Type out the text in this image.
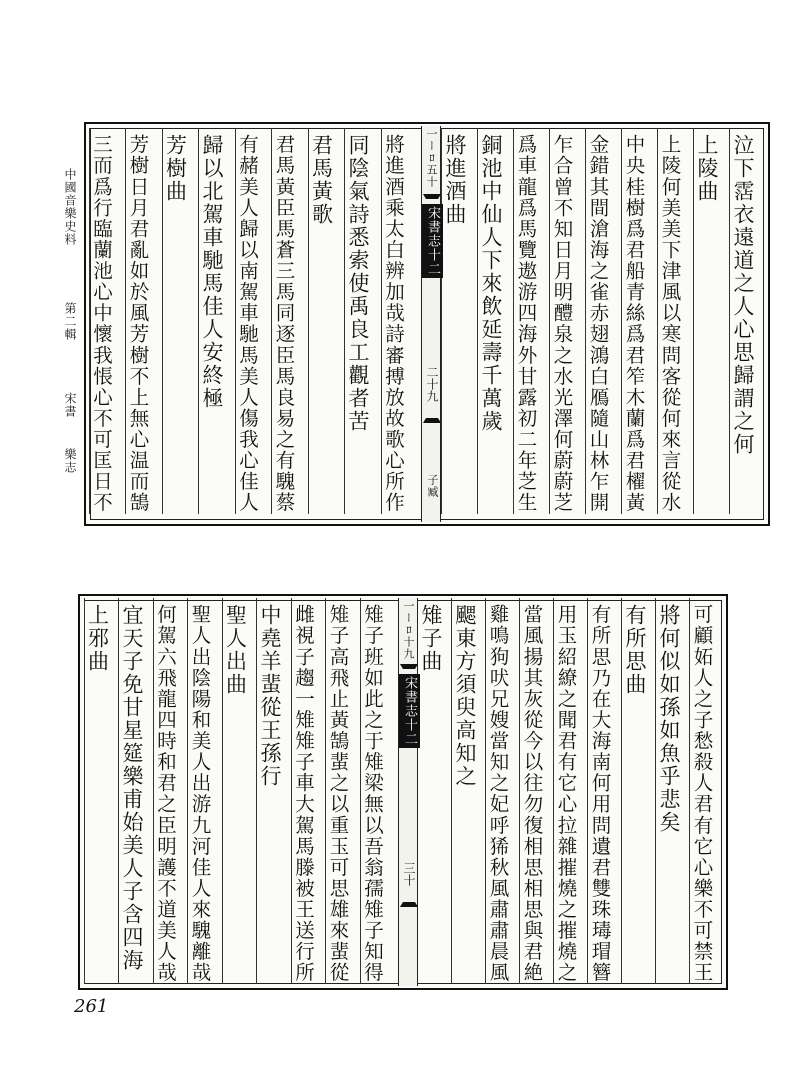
中國音樂史料
第二輯
宋書
樂志
泣下霑衣遠道之人心思歸謂之何
上陵曲
上陵何美美下津風以寒問客從何來言從水
中央桂樹爲君船青絲爲君笮木蘭爲君櫂黃
金錯其間滄海之雀赤翅鴻白鴈隨山林乍開
乍合曾不知日月明醴泉之水光澤何蔚蔚芝
爲車龍爲馬覽遨游四海外甘露初二年芝生
銅池中仙人下來飲延壽千萬歲
將進酒曲
將進酒乘太白辨加哉詩審搏放故歌心所作
同陰氣詩悉索使禹良工觀者苦
君馬黃歌
君馬黃臣馬蒼三馬同逐臣馬良易之有騩蔡
有赭美人歸以南駕車馳馬美人傷我心佳人
歸以北駕車馳馬佳人安終極
芳樹曲
芳樹日月君亂如於風芳樹不上無心温而鵠
三而爲行臨蘭池心中懷我悵心不可匡日不	一ーﾛ五十
宋書志十二
二十九
子臧
可顧妬人之子愁殺人君有它心樂不可禁王
將何似如孫如魚乎悲矣
有所思曲
有所思乃在大海南何用問遺君雙珠瑇瑁簪
用玉紹繚之聞君有它心拉雜摧燒之摧燒之
當風揚其灰從今以往勿復相思相思與君絶
雞鳴狗吠兄嫂當知之妃呼狶秋風肅肅晨風
颸東方須臾高知之
雉子曲
雉子班如此之于雉梁無以吾翁孺雉子知得
雉子高飛止黃鵠蜚之以重玉可思雄來蜚從
雌視子趨一雉雉子車大駕馬滕被王送行所
中堯羊蜚從王孫行
聖人出曲
聖人出陰陽和美人出游九河佳人來騩離哉
何駕六飛龍四時和君之臣明護不道美人哉
宜天子免甘星筵樂甫始美人子含四海
上邪曲	一ーﾛ十九
宋書志十二
三十
261
